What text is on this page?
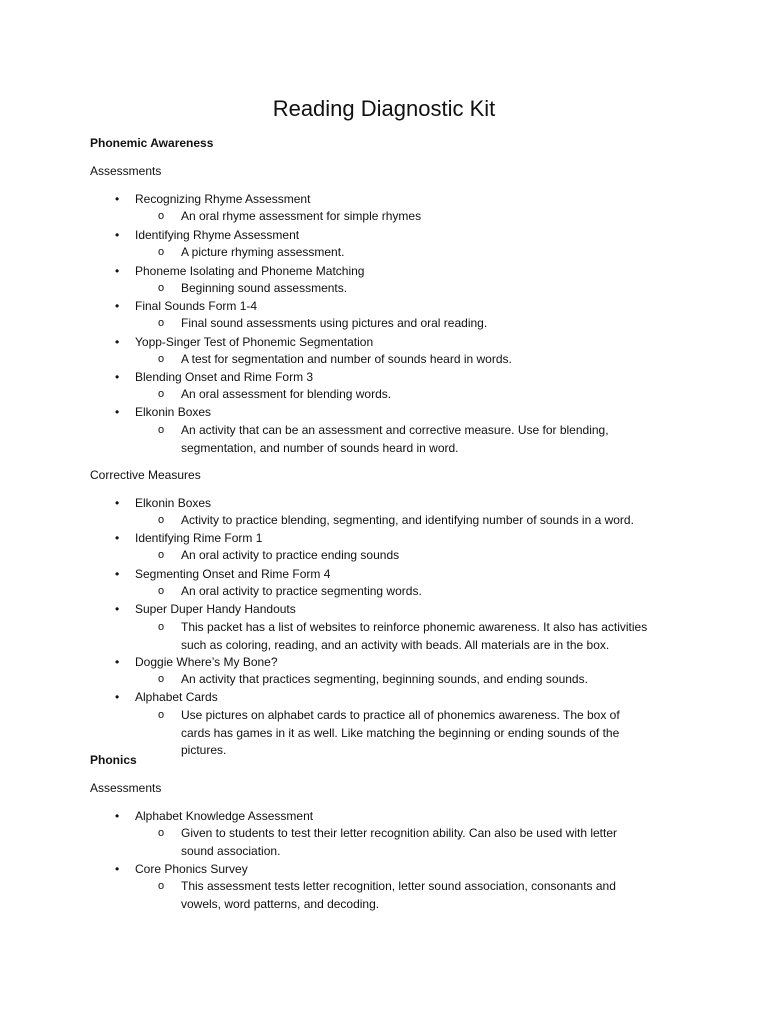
Reading Diagnostic Kit
Phonemic Awareness
Assessments
• Recognizing Rhyme Assessment
o An oral rhyme assessment for simple rhymes
• Identifying Rhyme Assessment
o A picture rhyming assessment.
• Phoneme Isolating and Phoneme Matching
o Beginning sound assessments.
• Final Sounds Form 1-4
o Final sound assessments using pictures and oral reading.
• Yopp-Singer Test of Phonemic Segmentation
o A test for segmentation and number of sounds heard in words.
• Blending Onset and Rime Form 3
o An oral assessment for blending words.
• Elkonin Boxes
o An activity that can be an assessment and corrective measure. Use for blending, segmentation, and number of sounds heard in word.
Corrective Measures
• Elkonin Boxes
o Activity to practice blending, segmenting, and identifying number of sounds in a word.
• Identifying Rime Form 1
o An oral activity to practice ending sounds
• Segmenting Onset and Rime Form 4
o An oral activity to practice segmenting words.
• Super Duper Handy Handouts
o This packet has a list of websites to reinforce phonemic awareness. It also has activities such as coloring, reading, and an activity with beads. All materials are in the box.
• Doggie Where’s My Bone?
o An activity that practices segmenting, beginning sounds, and ending sounds.
• Alphabet Cards
o Use pictures on alphabet cards to practice all of phonemics awareness. The box of cards has games in it as well. Like matching the beginning or ending sounds of the pictures.
Phonics
Assessments
• Alphabet Knowledge Assessment
o Given to students to test their letter recognition ability. Can also be used with letter sound association.
• Core Phonics Survey
o This assessment tests letter recognition, letter sound association, consonants and vowels, word patterns, and decoding.
